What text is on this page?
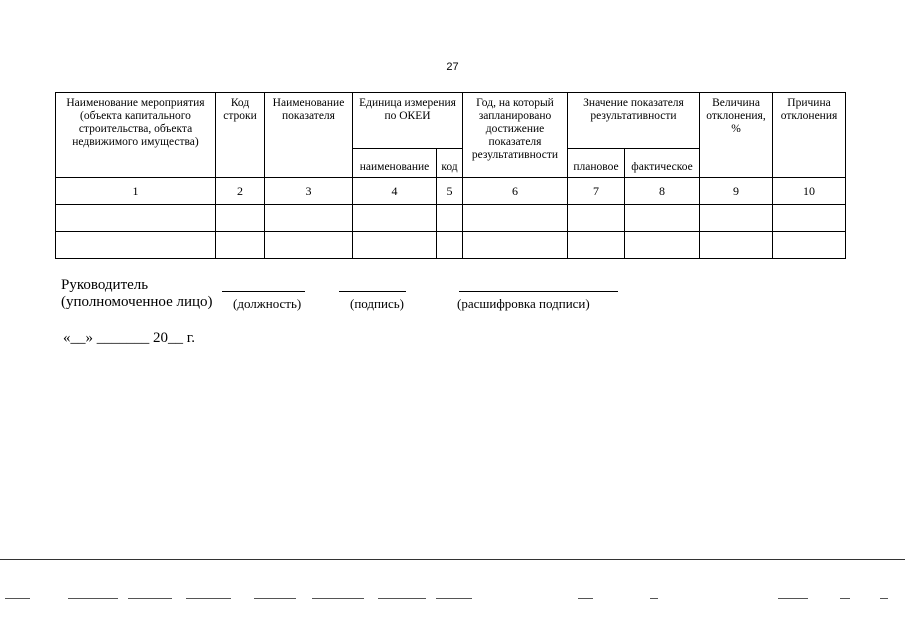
27
Наименование мероприятия (объекта капитального строительства, объекта недвижимого имущества)	Код строки	Наименование показателя	Единица измерения по ОКЕИ		Год, на который запланировано достижение показателя результативности	Значение показателя результативности		Величина отклонения, %	Причина отклонения
			наименование	код		плановое	фактическое		
1	2	3	4	5	6	7	8	9	10

Руководитель
(уполномоченное лицо) (должность)	(подпись)	(расшифровка подписи)
«__» _______ 20__ г.
